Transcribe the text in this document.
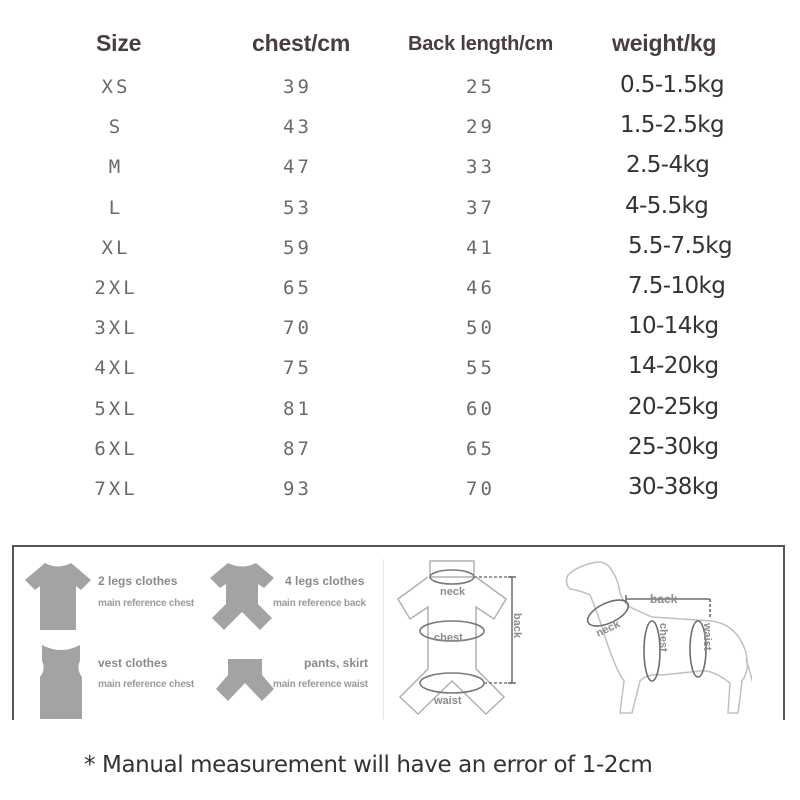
Size	chest/cm	Back length/cm	weight/kg
XS	39	25	0.5-1.5kg
S	43	29	1.5-2.5kg
M	47	33	2.5-4kg
L	53	37	4-5.5kg
XL	59	41	5.5-7.5kg
2XL	65	46	7.5-10kg
3XL	70	50	10-14kg
4XL	75	55	14-20kg
5XL	81	60	20-25kg
6XL	87	65	25-30kg
7XL	93	70	30-38kg
2 legs clothes
main reference chest
4 legs clothes
main reference back
vest clothes
main reference chest
pants, skirt
main reference waist
neck
chest
waist
back
back
neck	chest	waist
* Manual measurement will have an error of 1-2cm
